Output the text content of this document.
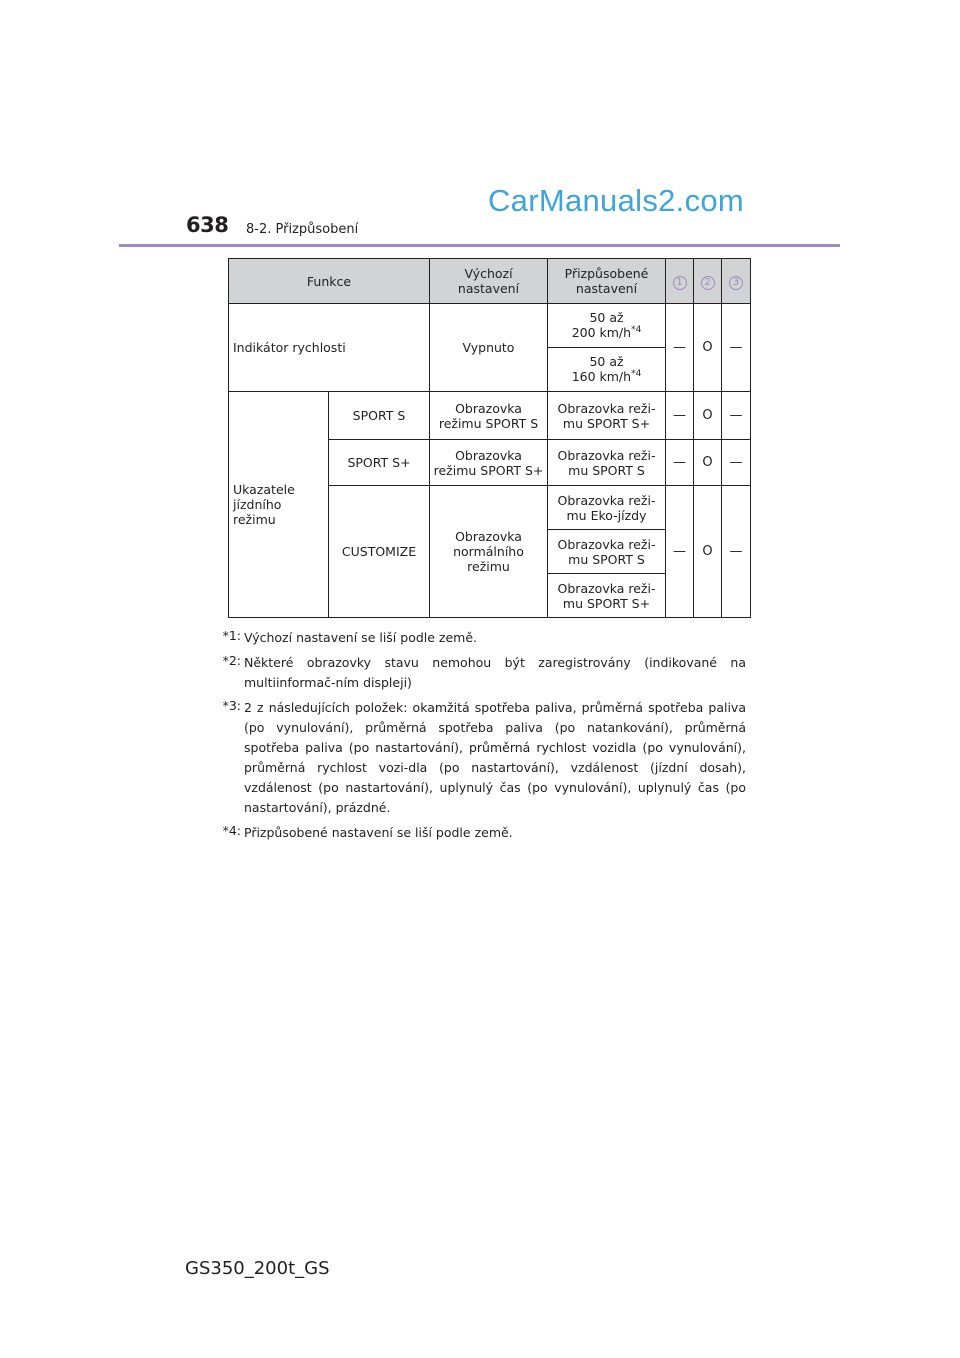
638 8-2. Přizpůsobení
CarManuals2.com
Funkce		Výchozí nastavení	Přizpůsobené nastavení	1	2	3
Indikátor rychlosti		Vypnuto	50 až
200 $km/h^{*4}$	—	O	—
			50 až
160 $km/h^{*4}$
Ukazatele jízdního režimu	SPORT S	Obrazovka režimu SPORT S	Obrazovka reži-mu SPORT S+	—	O	—
	SPORT S+	Obrazovka režimu SPORT S+	Obrazovka reži-mu SPORT S	—	O	—
	CUSTOMIZE	Obrazovka normálního režimu	Obrazovka reži-mu Eko-jízdy	—	O	—
			Obrazovka reži-mu SPORT S			
			Obrazovka reži-mu SPORT S+			
*1: Výchozí nastavení se liší podle země.
*2: Některé obrazovky stavu nemohou být zaregistrovány (indikované na multiinformač-ním displeji)
*3: 2 z následujících položek: okamžitá spotřeba paliva, průměrná spotřeba paliva (po vynulování), průměrná spotřeba paliva (po natankování), průměrná spotřeba paliva (po nastartování), průměrná rychlost vozidla (po vynulování), průměrná rychlost vozi-dla (po nastartování), vzdálenost (jízdní dosah), vzdálenost (po nastartování), uplynulý čas (po vynulování), uplynulý čas (po nastartování), prázdné.
*4: Přizpůsobené nastavení se liší podle země.
GS350_200t_GS
